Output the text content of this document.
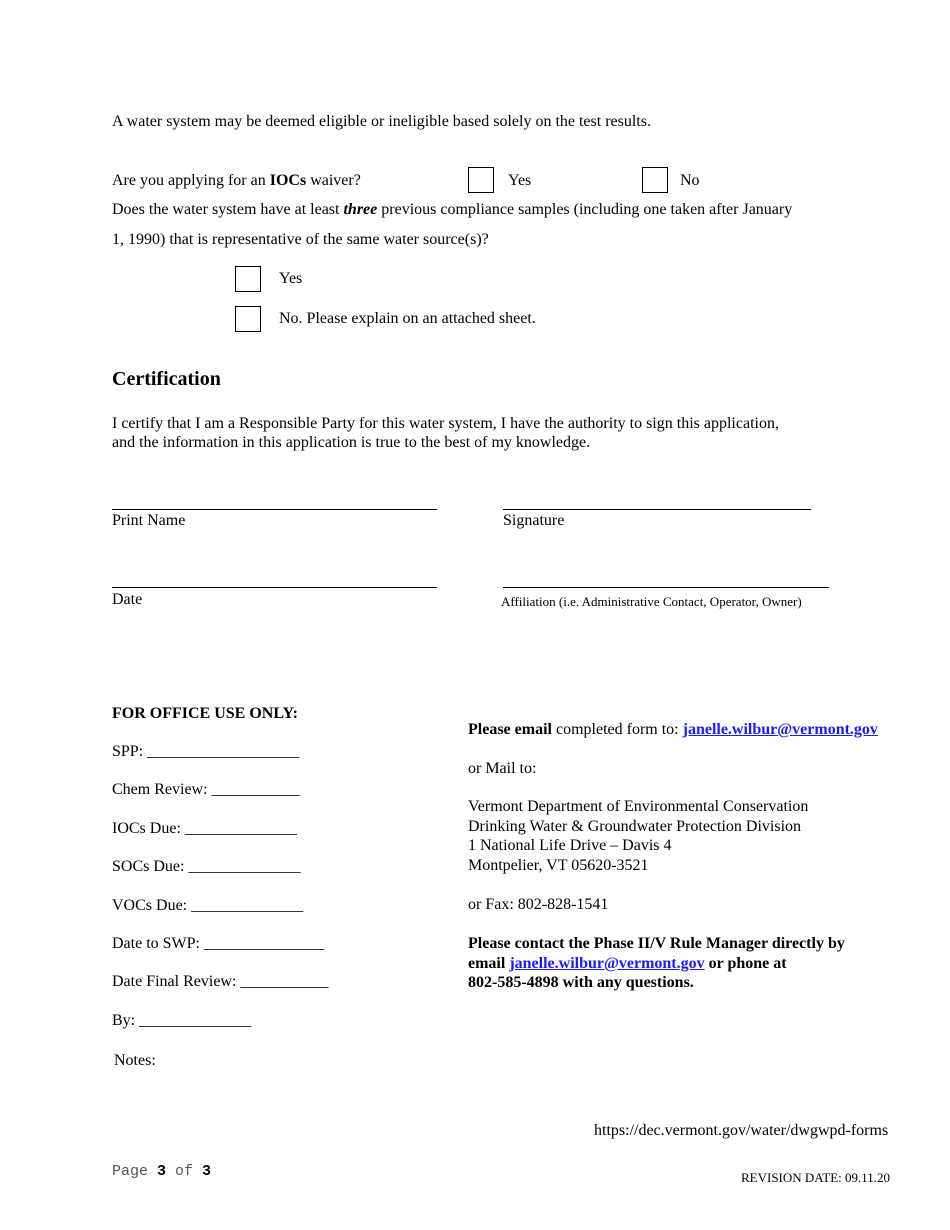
A water system may be deemed eligible or ineligible based solely on the test results.
Are you applying for an IOCs waiver?	Yes	No
Does the water system have at least three previous compliance samples (including one taken after January
1, 1990) that is representative of the same water source(s)?
Yes
No. Please explain on an attached sheet.
Certification
I certify that I am a Responsible Party for this water system, I have the authority to sign this application,
and the information in this application is true to the best of my knowledge.
Print Name	Signature
Date	Affiliation (i.e. Administrative Contact, Operator, Owner)
FOR OFFICE USE ONLY:
SPP: ___________________
Chem Review: ___________
IOCs Due: ______________
SOCs Due: ______________
VOCs Due: ______________
Date to SWP: _______________
Date Final Review: ___________
By: ______________
Notes:
Please email completed form to: janelle.wilbur@vermont.gov
or Mail to:
Vermont Department of Environmental Conservation
Drinking Water & Groundwater Protection Division
1 National Life Drive – Davis 4
Montpelier, VT 05620-3521
or Fax: 802-828-1541
Please contact the Phase II/V Rule Manager directly by
email janelle.wilbur@vermont.gov or phone at
802-585-4898 with any questions.
https://dec.vermont.gov/water/dwgwpd-forms
Page 3 of 3	REVISION DATE: 09.11.20
